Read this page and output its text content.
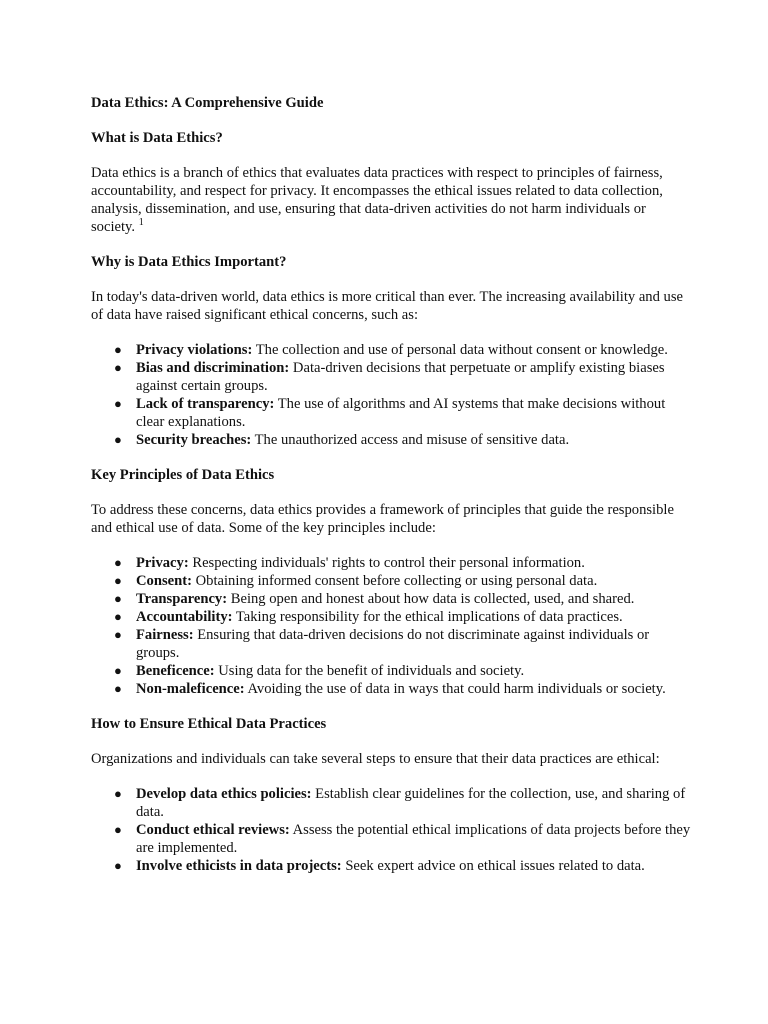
Data Ethics: A Comprehensive Guide
What is Data Ethics?

Data ethics is a branch of ethics that evaluates data practices with respect to principles of fairness, accountability, and respect for privacy. It encompasses the ethical issues related to data collection, analysis, dissemination, and use, ensuring that data-driven activities do not harm individuals or society. $^1$

Why is Data Ethics Important?

In today's data-driven world, data ethics is more critical than ever. The increasing availability and use of data have raised significant ethical concerns, such as:

● Privacy violations: The collection and use of personal data without consent or knowledge.
● Bias and discrimination: Data-driven decisions that perpetuate or amplify existing biases against certain groups.
● Lack of transparency: The use of algorithms and AI systems that make decisions without clear explanations.
● Security breaches: The unauthorized access and misuse of sensitive data.
Key Principles of Data Ethics

To address these concerns, data ethics provides a framework of principles that guide the responsible and ethical use of data. Some of the key principles include:

● Privacy: Respecting individuals' rights to control their personal information.
● Consent: Obtaining informed consent before collecting or using personal data.
● Transparency: Being open and honest about how data is collected, used, and shared.
● Accountability: Taking responsibility for the ethical implications of data practices.
● Fairness: Ensuring that data-driven decisions do not discriminate against individuals or groups.
● Beneficence: Using data for the benefit of individuals and society.
● Non-maleficence: Avoiding the use of data in ways that could harm individuals or society.
How to Ensure Ethical Data Practices

Organizations and individuals can take several steps to ensure that their data practices are ethical:

● Develop data ethics policies: Establish clear guidelines for the collection, use, and sharing of data.
● Conduct ethical reviews: Assess the potential ethical implications of data projects before they are implemented.
● Involve ethicists in data projects: Seek expert advice on ethical issues related to data.
